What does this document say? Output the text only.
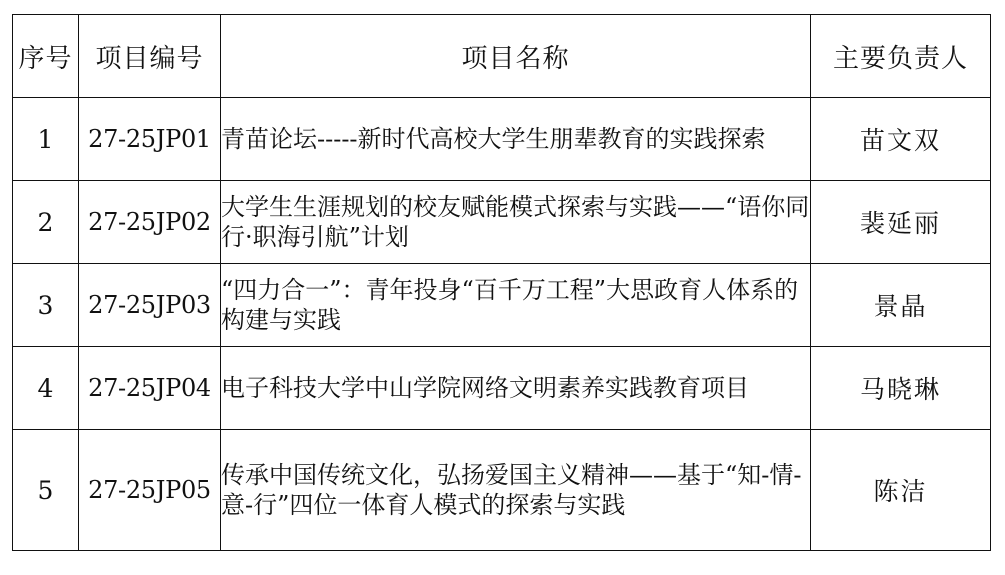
序号	项目编号	项目名称	主要负责人
1	27-25JP01	青苗论坛-----新时代高校大学生朋辈教育的实践探索	苗文双
2	27-25JP02	大学生生涯规划的校友赋能模式探索与实践——“语你同行·职海引航”计划	裴延丽
3	27-25JP03	“四力合一”：青年投身“百千万工程”大思政育人体系的构建与实践	景晶
4	27-25JP04	电子科技大学中山学院网络文明素养实践教育项目	马晓琳
5	27-25JP05	传承中国传统文化，弘扬爱国主义精神——基于“知-情-意-行”四位一体育人模式的探索与实践	陈洁
